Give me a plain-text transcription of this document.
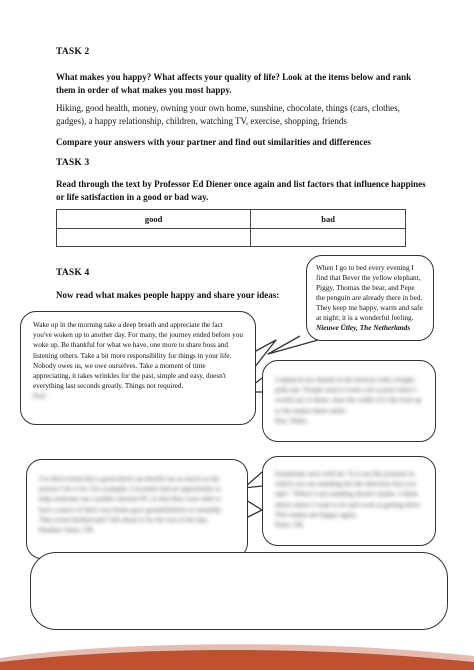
TASK 2

What makes you happy? What affects your quality of life? Look at the items below and rank them in order of what makes you most happy.

Hiking, good health, money, owning your own home, sunshine, chocolate, things (cars, clothes, gadges), a happy relationship, children, watching TV, exercise, shopping, friends

Compare your answers with your partner and find out similarities and differences

TASK 3

Read through the text by Professor Ed Diener once again and list factors that influence happines or life satisfaction in a good or bad way.

good	bad

TASK 4

Now read what makes people happy and share your ideas:

When I go to bed every evening I find that Bever the yellow elephant, Piggy, Thomas the bear, and Pepe the penguin are already there in bed. They keep me happy, warm and safe at night; it is a wonderful feeling.
Nieuwe Ütley, The Netherlands
Wake up in the morning take a deep breath and appreciate the fact you've woken up to another day. For many, the journey ended before you woke up. Be thankful for what we have, one more to share boss and listening others. Take a bit more responsibility for things in your life. Nobody owes us, we owe ourselves. Take a moment of time appreciating, it takes wrinkles for the past, simple and easy, doesn't everything last seconds greatly. Things not required.
Paul
I replaced my thumb in the festival with a bright pink one. People used to look a bit scared when I would say to them, raise the width of it the look up to the makes them smile.
Rae, Wales
I've discovered that a good deed can benefit me as much as the person I do it for. For example, I recently had an opportunity to help someone use a public internet PC so that they were able to have a piece of their own home gave grandchildren so instantly. That event thrilled and I felt about it for the rest of the day.
Heather Jones, UK
Somebody once told me "It is not the position in which you are standing but the direction that you take". Where I am standing doesn't matter. I think about where I want to be and work at getting there. This makes me happy again.
Peter, UK
